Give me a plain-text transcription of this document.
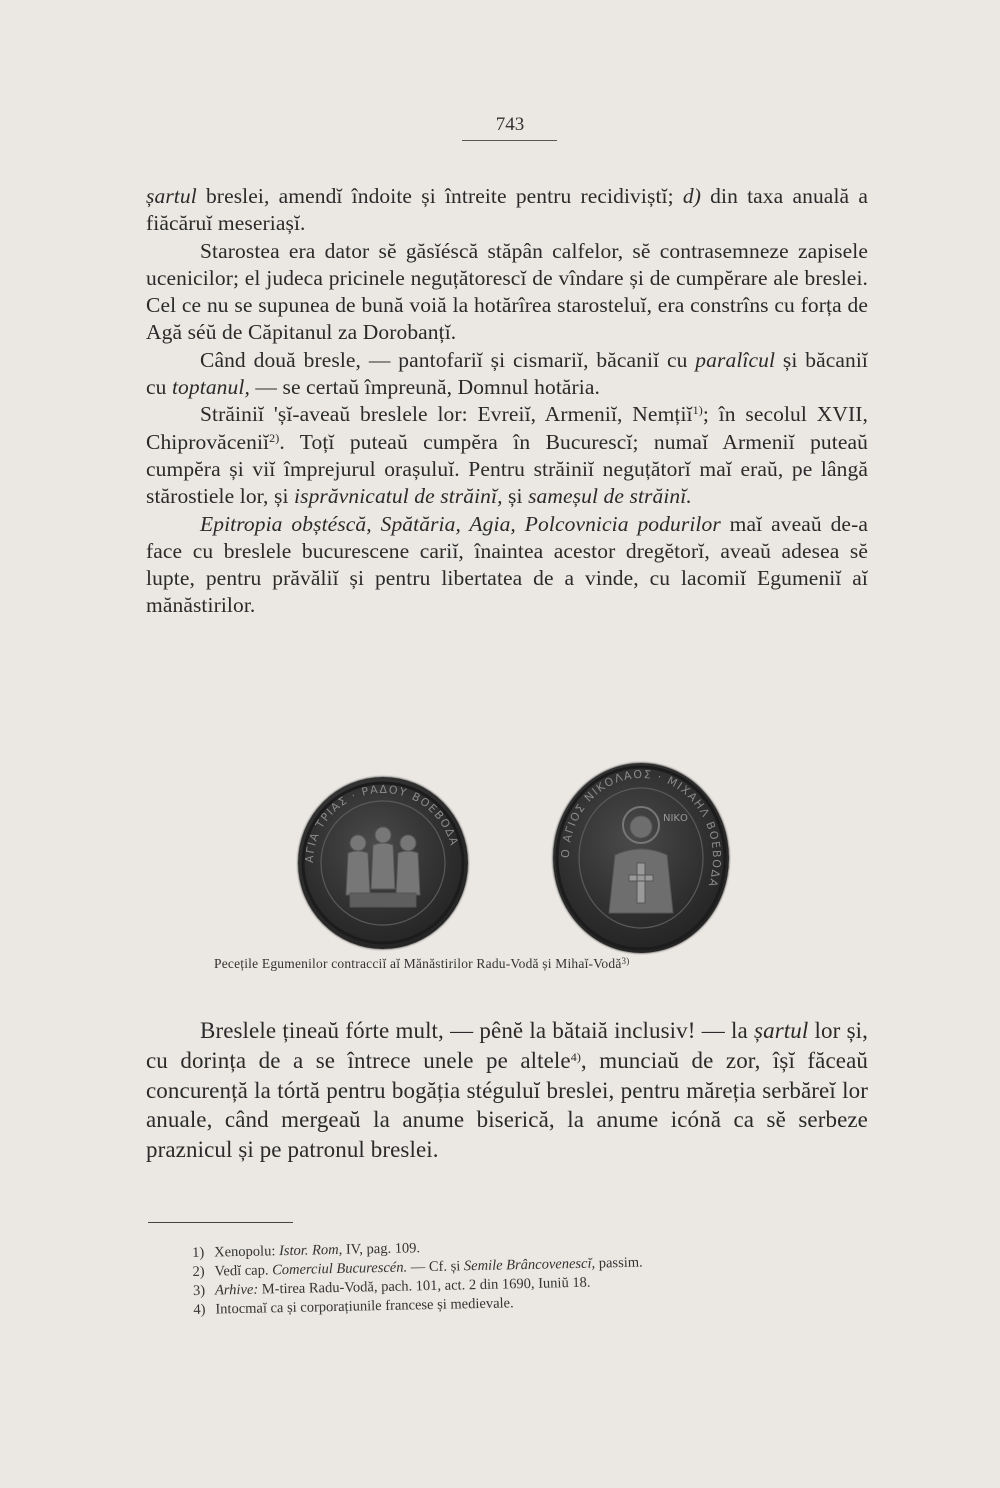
743

șartul breslei, amendĭ îndoite și întreite pentru recidiviștĭ; d) din taxa anuală a fiăcăruĭ meseriașĭ.

Starostea era dator sĕ găsĭéscă stăpân calfelor, sĕ contrasemneze zapisele ucenicilor; el judeca pricinele neguțătorescĭ de vîndare și de cumpĕrare ale breslei. Cel ce nu se supunea de bună voiă la hotărîrea starosteluĭ, era constrîns cu forța de Agă séŭ de Căpitanul za Dorobanțĭ.

Când două bresle, — pantofariĭ și cismariĭ, băcaniĭ cu paralîcul și băcaniĭ cu toptanul, — se certaŭ împreună, Domnul hotăria.

Străiniĭ 'șĭ-aveaŭ breslele lor: Evreiĭ, Armeniĭ, Nemțiĭ$^{1)}$; în secolul XVII, Chiprovăceniĭ$^{2)}$. Toțĭ puteaŭ cumpĕra în Bucurescĭ; numaĭ Armeniĭ puteaŭ cumpĕra și viĭ împrejurul orașuluĭ. Pentru străiniĭ neguțătorĭ maĭ eraŭ, pe lângă stărostiele lor, și isprăvnicatul de străinĭ, și sameșul de străinĭ.

Epitropia obștéscă, Spătăria, Agia, Polcovnicia podurilor maĭ aveaŭ de-a face cu breslele bucurescene cariĭ, înaintea acestor dregĕtorĭ, aveaŭ adesea sĕ lupte, pentru prăvăliĭ și pentru libertatea de a vinde, cu lacomiĭ Egumeniĭ aĭ mănăstirilor.

ΑΓΙΑ ΤΡΙΑΣ · ΡΑΔΟΥ ΒΟΕΒΟΔΑ
Ο ΑΓΙΟΣ ΝΙΚΟΛΑΟΣ · ΜΙΧΑΗΛ ΒΟΕΒΟΔΑ
ΝΙΚΟ
Pecețile Egumenilor contracciĭ aĭ Mănăstirilor Radu-Vodă și Mihaĭ-Vodă$^{3)}$

Breslele țineaŭ fórte mult, — pênĕ la bătaiă inclusiv! — la șartul lor și, cu dorința de a se întrece unele pe altele$^{4)}$, munciaŭ de zor, îșĭ făceaŭ concurență la tórtă pentru bogăția stéguluĭ breslei, pentru măreția serbăreĭ lor anuale, când mergeaŭ la anume biserică, la anume icónă ca sĕ serbeze praznicul și pe patronul breslei.

1) Xenopolu: Istor. Rom, IV, pag. 109.
2) Vedĭ cap. Comerciul Bucurescén. — Cf. și Semile Brâncovenescĭ, passim.
3) Arhive: M-tirea Radu-Vodă, pach. 101, act. 2 din 1690, Iuniŭ 18.
4) Intocmaĭ ca și corporațiunile francese și medievale.
